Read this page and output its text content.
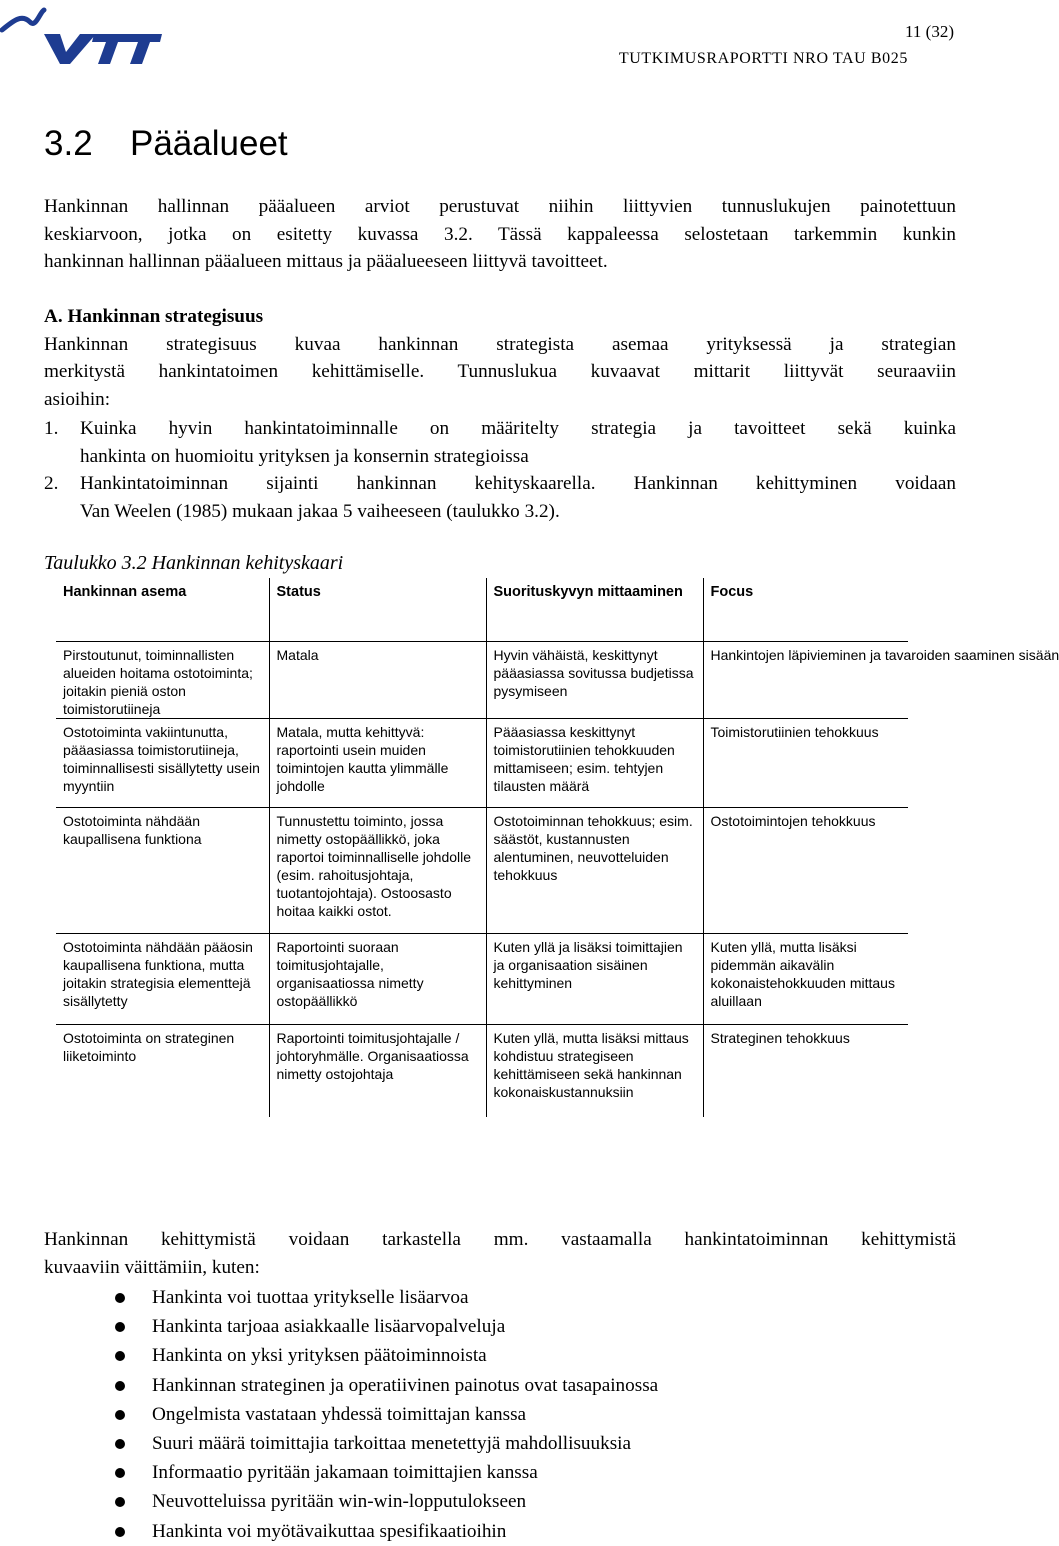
11 (32)
TUTKIMUSRAPORTTI NRO TAU B025
3.2 Pääalueet
Hankinnan hallinnan pääalueen arviot perustuvat niihin liittyvien tunnuslukujen painotettuun
keskiarvoon, jotka on esitetty kuvassa 3.2. Tässä kappaleessa selostetaan tarkemmin kunkin
hankinnan hallinnan pääalueen mittaus ja pääalueeseen liittyvä tavoitteet.
A. Hankinnan strategisuus
Hankinnan strategisuus kuvaa hankinnan strategista asemaa yrityksessä ja strategian
merkitystä hankintatoimen kehittämiselle. Tunnuslukua kuvaavat mittarit liittyvät seuraaviin
asioihin:
1. Kuinka hyvin hankintatoiminnalle on määritelty strategia ja tavoitteet sekä kuinka
hankinta on huomioitu yrityksen ja konsernin strategioissa
2. Hankintatoiminnan sijainti hankinnan kehityskaarella. Hankinnan kehittyminen voidaan
Van Weelen (1985) mukaan jakaa 5 vaiheeseen (taulukko 3.2).
Taulukko 3.2 Hankinnan kehityskaari
Hankinnan asema	Status	Suorituskyvyn mittaaminen	Focus
Pirstoutunut, toiminnallisten alueiden hoitama ostotoiminta; joitakin pieniä oston toimistorutiineja	Matala	Hyvin vähäistä, keskittynyt pääasiassa sovitussa budjetissa pysymiseen	Hankintojen läpivieminen ja tavaroiden saaminen sisään
Ostotoiminta vakiintunutta, pääasiassa toimistorutiineja, toiminnallisesti sisällytetty usein myyntiin	Matala, mutta kehittyvä: raportointi usein muiden toimintojen kautta ylimmälle johdolle	Pääasiassa keskittynyt toimistorutiinien tehokkuuden mittamiseen; esim. tehtyjen tilausten määrä	Toimistorutiinien tehokkuus
Ostotoiminta nähdään kaupallisena funktiona	Tunnustettu toiminto, jossa nimetty ostopäällikkö, joka raportoi toiminnalliselle johdolle (esim. rahoitusjohtaja, tuotantojohtaja). Ostoosasto hoitaa kaikki ostot.	Ostotoiminnan tehokkuus; esim. säästöt, kustannusten alentuminen, neuvotteluiden tehokkuus	Ostotoimintojen tehokkuus
Ostotoiminta nähdään pääosin kaupallisena funktiona, mutta joitakin strategisia elementtejä sisällytetty	Raportointi suoraan toimitusjohtajalle, organisaatiossa nimetty ostopäällikkö	Kuten yllä ja lisäksi toimittajien ja organisaation sisäinen kehittyminen	Kuten yllä, mutta lisäksi pidemmän aikavälin kokonaistehokkuuden mittaus aluillaan
Ostotoiminta on strateginen liiketoiminto	Raportointi toimitusjohtajalle / johtoryhmälle. Organisaatiossa nimetty ostojohtaja	Kuten yllä, mutta lisäksi mittaus kohdistuu strategiseen kehittämiseen sekä hankinnan kokonaiskustannuksiin	Strateginen tehokkuus
Hankinnan kehittymistä voidaan tarkastella mm. vastaamalla hankintatoiminnan kehittymistä
kuvaaviin väittämiin, kuten:
Hankinta voi tuottaa yritykselle lisäarvoa
Hankinta tarjoaa asiakkaalle lisäarvopalveluja
Hankinta on yksi yrityksen päätoiminnoista
Hankinnan strateginen ja operatiivinen painotus ovat tasapainossa
Ongelmista vastataan yhdessä toimittajan kanssa
Suuri määrä toimittajia tarkoittaa menetettyjä mahdollisuuksia
Informaatio pyritään jakamaan toimittajien kanssa
Neuvotteluissa pyritään win-win-lopputulokseen
Hankinta voi myötävaikuttaa spesifikaatioihin
